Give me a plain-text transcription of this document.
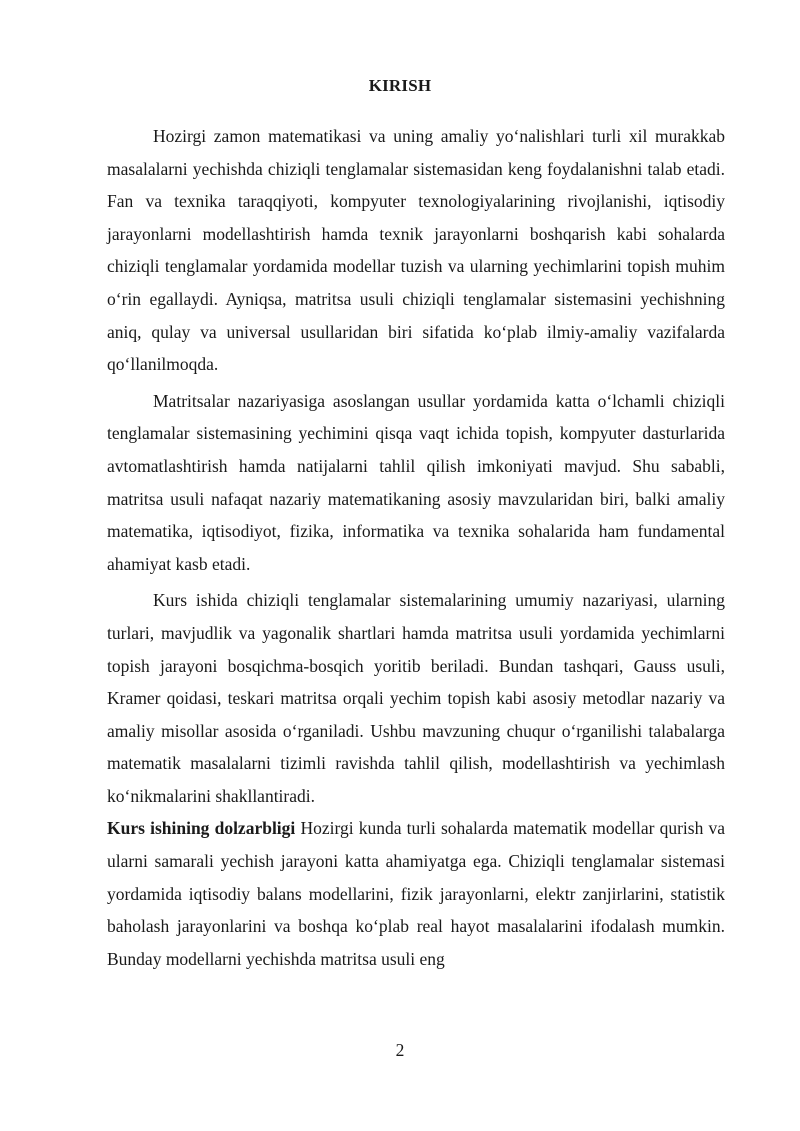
KIRISH

Hozirgi zamon matematikasi va uning amaliy yo‘nalishlari turli xil murakkab masalalarni yechishda chiziqli tenglamalar sistemasidan keng foydalanishni talab etadi. Fan va texnika taraqqiyoti, kompyuter texnologiyalarining rivojlanishi, iqtisodiy jarayonlarni modellashtirish hamda texnik jarayonlarni boshqarish kabi sohalarda chiziqli tenglamalar yordamida modellar tuzish va ularning yechimlarini topish muhim o‘rin egallaydi. Ayniqsa, matritsa usuli chiziqli tenglamalar sistemasini yechishning aniq, qulay va universal usullaridan biri sifatida ko‘plab ilmiy-amaliy vazifalarda qo‘llanilmoqda.

Matritsalar nazariyasiga asoslangan usullar yordamida katta o‘lchamli chiziqli tenglamalar sistemasining yechimini qisqa vaqt ichida topish, kompyuter dasturlarida avtomatlashtirish hamda natijalarni tahlil qilish imkoniyati mavjud. Shu sababli, matritsa usuli nafaqat nazariy matematikaning asosiy mavzularidan biri, balki amaliy matematika, iqtisodiyot, fizika, informatika va texnika sohalarida ham fundamental ahamiyat kasb etadi.

Kurs ishida chiziqli tenglamalar sistemalarining umumiy nazariyasi, ularning turlari, mavjudlik va yagonalik shartlari hamda matritsa usuli yordamida yechimlarni topish jarayoni bosqichma-bosqich yoritib beriladi. Bundan tashqari, Gauss usuli, Kramer qoidasi, teskari matritsa orqali yechim topish kabi asosiy metodlar nazariy va amaliy misollar asosida o‘rganiladi. Ushbu mavzuning chuqur o‘rganilishi talabalarga matematik masalalarni tizimli ravishda tahlil qilish, modellashtirish va yechimlash ko‘nikmalarini shakllantiradi.

Kurs ishining dolzarbligi Hozirgi kunda turli sohalarda matematik modellar qurish va ularni samarali yechish jarayoni katta ahamiyatga ega. Chiziqli tenglamalar sistemasi yordamida iqtisodiy balans modellarini, fizik jarayonlarni, elektr zanjirlarini, statistik baholash jarayonlarini va boshqa ko‘plab real hayot masalalarini ifodalash mumkin. Bunday modellarni yechishda matritsa usuli eng

2
